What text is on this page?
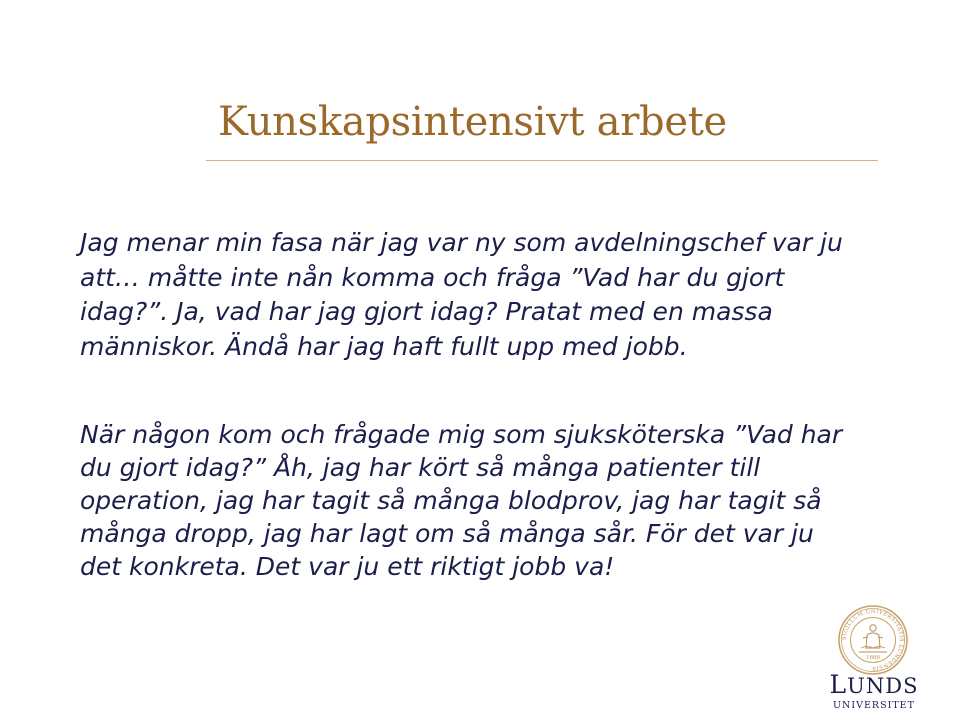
Kunskapsintensivt arbete

Jag menar min fasa när jag var ny som avdelningschef var ju
att… måtte inte nån komma och fråga ”Vad har du gjort
idag?”. Ja, vad har jag gjort idag? Pratat med en massa
människor. Ändå har jag haft fullt upp med jobb.

När någon kom och frågade mig som sjuksköterska ”Vad har
du gjort idag?” Åh, jag har kört så många patienter till
operation, jag har tagit så många blodprov, jag har tagit så
många dropp, jag har lagt om så många sår. För det var ju
det konkreta. Det var ju ett riktigt jobb va!

SIGILLUM UNIVERSITATIS LUNDENSIS
1666
LUNDS
UNIVERSITET
